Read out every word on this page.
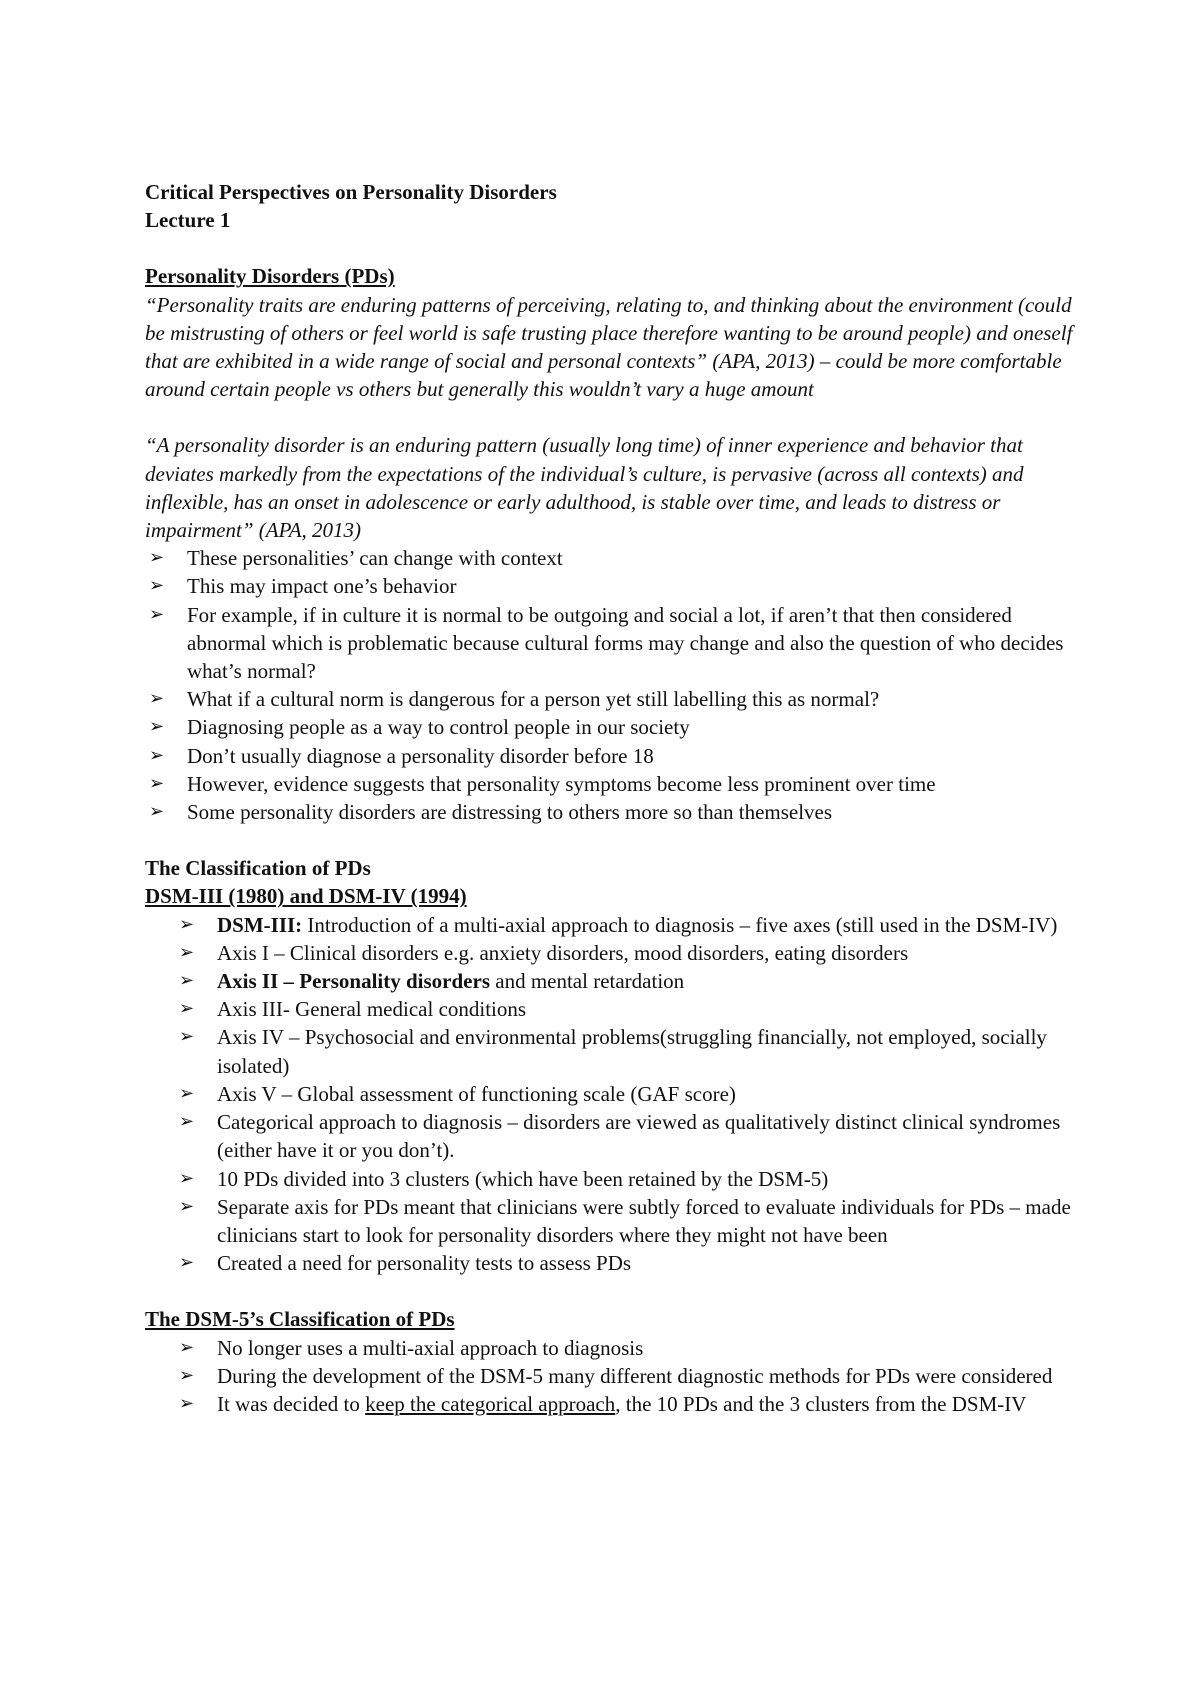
Critical Perspectives on Personality Disorders
Lecture 1
Personality Disorders (PDs)
“Personality traits are enduring patterns of perceiving, relating to, and thinking about the environment (could be mistrusting of others or feel world is safe trusting place therefore wanting to be around people) and oneself that are exhibited in a wide range of social and personal contexts” (APA, 2013) – could be more comfortable around certain people vs others but generally this wouldn’t vary a huge amount
“A personality disorder is an enduring pattern (usually long time) of inner experience and behavior that deviates markedly from the expectations of the individual’s culture, is pervasive (across all contexts) and inflexible, has an onset in adolescence or early adulthood, is stable over time, and leads to distress or impairment” (APA, 2013)
➢ These personalities’ can change with context
➢ This may impact one’s behavior
➢ For example, if in culture it is normal to be outgoing and social a lot, if aren’t that then considered abnormal which is problematic because cultural forms may change and also the question of who decides what’s normal?
➢ What if a cultural norm is dangerous for a person yet still labelling this as normal?
➢ Diagnosing people as a way to control people in our society
➢ Don’t usually diagnose a personality disorder before 18
➢ However, evidence suggests that personality symptoms become less prominent over time
➢ Some personality disorders are distressing to others more so than themselves
The Classification of PDs
DSM-III (1980) and DSM-IV (1994)
➢ DSM-III: Introduction of a multi-axial approach to diagnosis – five axes (still used in the DSM-IV)
➢ Axis I – Clinical disorders e.g. anxiety disorders, mood disorders, eating disorders
➢ Axis II – Personality disorders and mental retardation
➢ Axis III- General medical conditions
➢ Axis IV – Psychosocial and environmental problems(struggling financially, not employed, socially isolated)
➢ Axis V – Global assessment of functioning scale (GAF score)
➢ Categorical approach to diagnosis – disorders are viewed as qualitatively distinct clinical syndromes (either have it or you don’t).
➢ 10 PDs divided into 3 clusters (which have been retained by the DSM-5)
➢ Separate axis for PDs meant that clinicians were subtly forced to evaluate individuals for PDs – made clinicians start to look for personality disorders where they might not have been
➢ Created a need for personality tests to assess PDs
The DSM-5’s Classification of PDs
➢ No longer uses a multi-axial approach to diagnosis
➢ During the development of the DSM-5 many different diagnostic methods for PDs were considered
➢ It was decided to keep the categorical approach, the 10 PDs and the 3 clusters from the DSM-IV
